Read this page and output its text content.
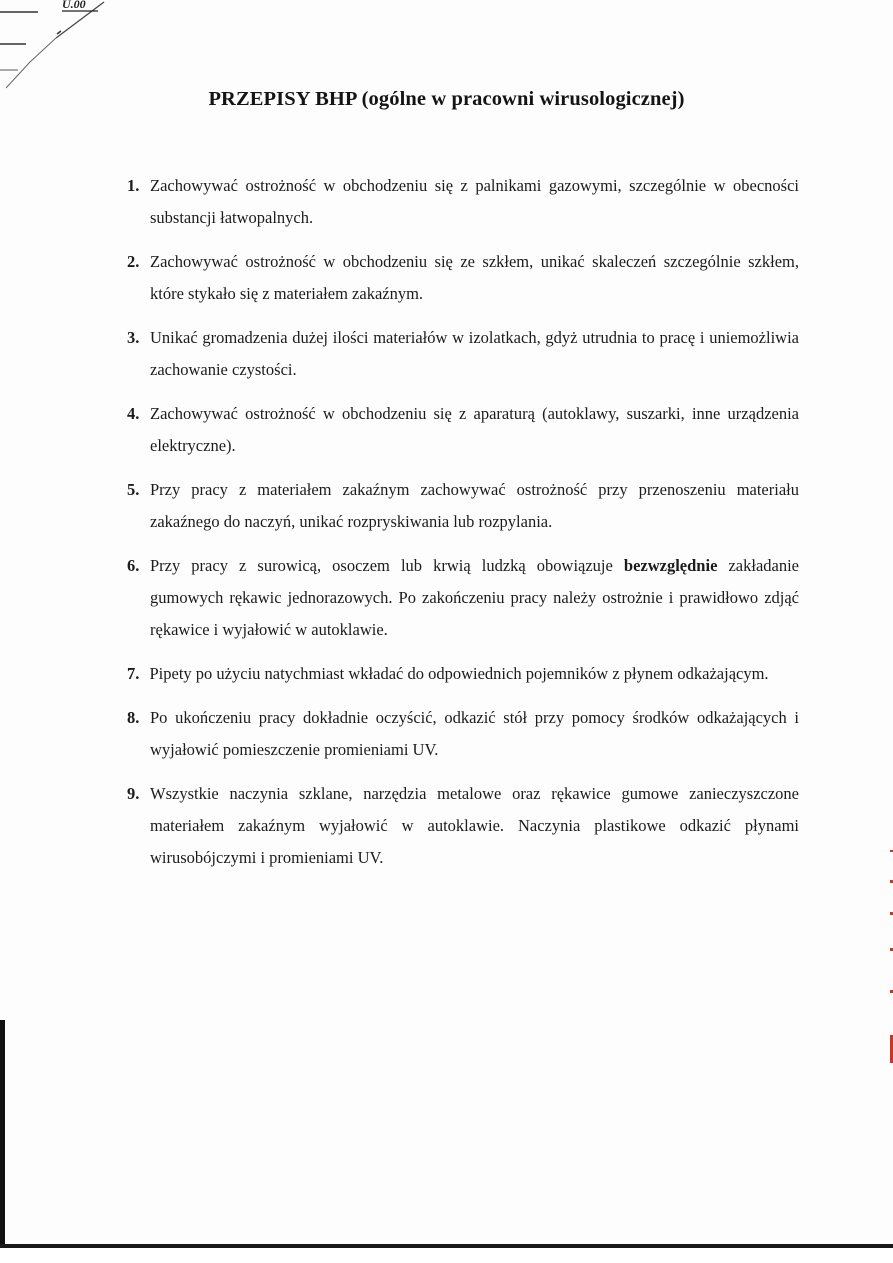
U.00
PRZEPISY BHP (ogólne w pracowni wirusologicznej)
1. Zachowywać ostrożność w obchodzeniu się z palnikami gazowymi, szczególnie w obecności substancji łatwopalnych.
2. Zachowywać ostrożność w obchodzeniu się ze szkłem, unikać skaleczeń szczególnie szkłem, które stykało się z materiałem zakaźnym.
3. Unikać gromadzenia dużej ilości materiałów w izolatkach, gdyż utrudnia to pracę i uniemożliwia zachowanie czystości.
4. Zachowywać ostrożność w obchodzeniu się z aparaturą (autoklawy, suszarki, inne urządzenia elektryczne).
5. Przy pracy z materiałem zakaźnym zachowywać ostrożność przy przenoszeniu materiału zakaźnego do naczyń, unikać rozpryskiwania lub rozpylania.
6. Przy pracy z surowicą, osoczem lub krwią ludzką obowiązuje bezwzględnie zakładanie gumowych rękawic jednorazowych. Po zakończeniu pracy należy ostrożnie i prawidłowo zdjąć rękawice i wyjałowić w autoklawie.
7. Pipety po użyciu natychmiast wkładać do odpowiednich pojemników z płynem odkażającym.
8. Po ukończeniu pracy dokładnie oczyścić, odkazić stół przy pomocy środków odkażających i wyjałowić pomieszczenie promieniami UV.
9. Wszystkie naczynia szklane, narzędzia metalowe oraz rękawice gumowe zanieczyszczone materiałem zakaźnym wyjałowić w autoklawie. Naczynia plastikowe odkazić płynami wirusobójczymi i promieniami UV.
